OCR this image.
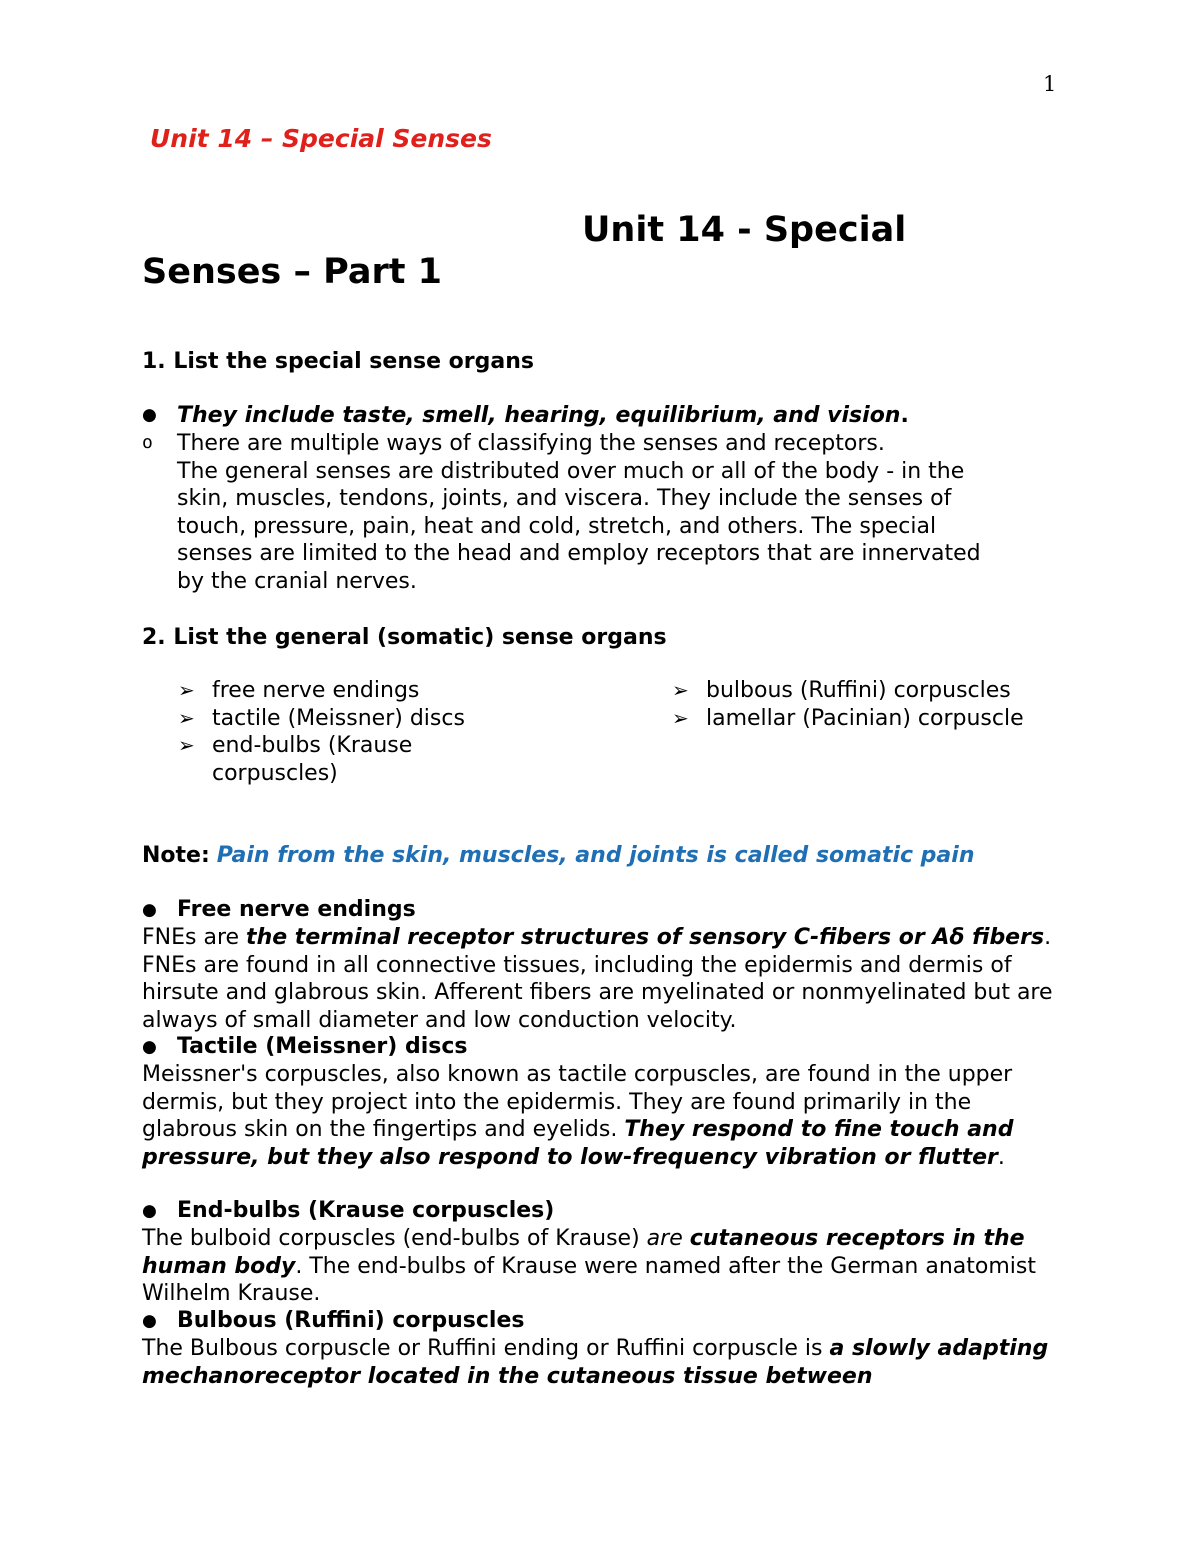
1
Unit 14 – Special Senses
Unit 14 - Special
Senses – Part 1
1. List the special sense organs
● They include taste, smell, hearing, equilibrium, and vision.
o There are multiple ways of classifying the senses and receptors.
The general senses are distributed over much or all of the body - in the
skin, muscles, tendons, joints, and viscera. They include the senses of
touch, pressure, pain, heat and cold, stretch, and others. The special
senses are limited to the head and employ receptors that are innervated
by the cranial nerves.
2. List the general (somatic) sense organs
➢ free nerve endings
➢ tactile (Meissner) discs
➢ end-bulbs (Krause
corpuscles)
➢ bulbous (Ruffini) corpuscles
➢ lamellar (Pacinian) corpuscle
Note: Pain from the skin, muscles, and joints is called somatic pain
● Free nerve endings
FNEs are the terminal receptor structures of sensory C-fibers or Aδ fibers. FNEs are found in all connective tissues, including the epidermis and dermis of hirsute and glabrous skin. Afferent fibers are myelinated or nonmyelinated but are always of small diameter and low conduction velocity.
● Tactile (Meissner) discs
Meissner's corpuscles, also known as tactile corpuscles, are found in the upper dermis, but they project into the epidermis. They are found primarily in the glabrous skin on the fingertips and eyelids. They respond to fine touch and pressure, but they also respond to low-frequency vibration or flutter.
● End-bulbs (Krause corpuscles)
The bulboid corpuscles (end-bulbs of Krause) are cutaneous receptors in the human body. The end-bulbs of Krause were named after the German anatomist Wilhelm Krause.
● Bulbous (Ruffini) corpuscles
The Bulbous corpuscle or Ruffini ending or Ruffini corpuscle is a slowly adapting mechanoreceptor located in the cutaneous tissue between
